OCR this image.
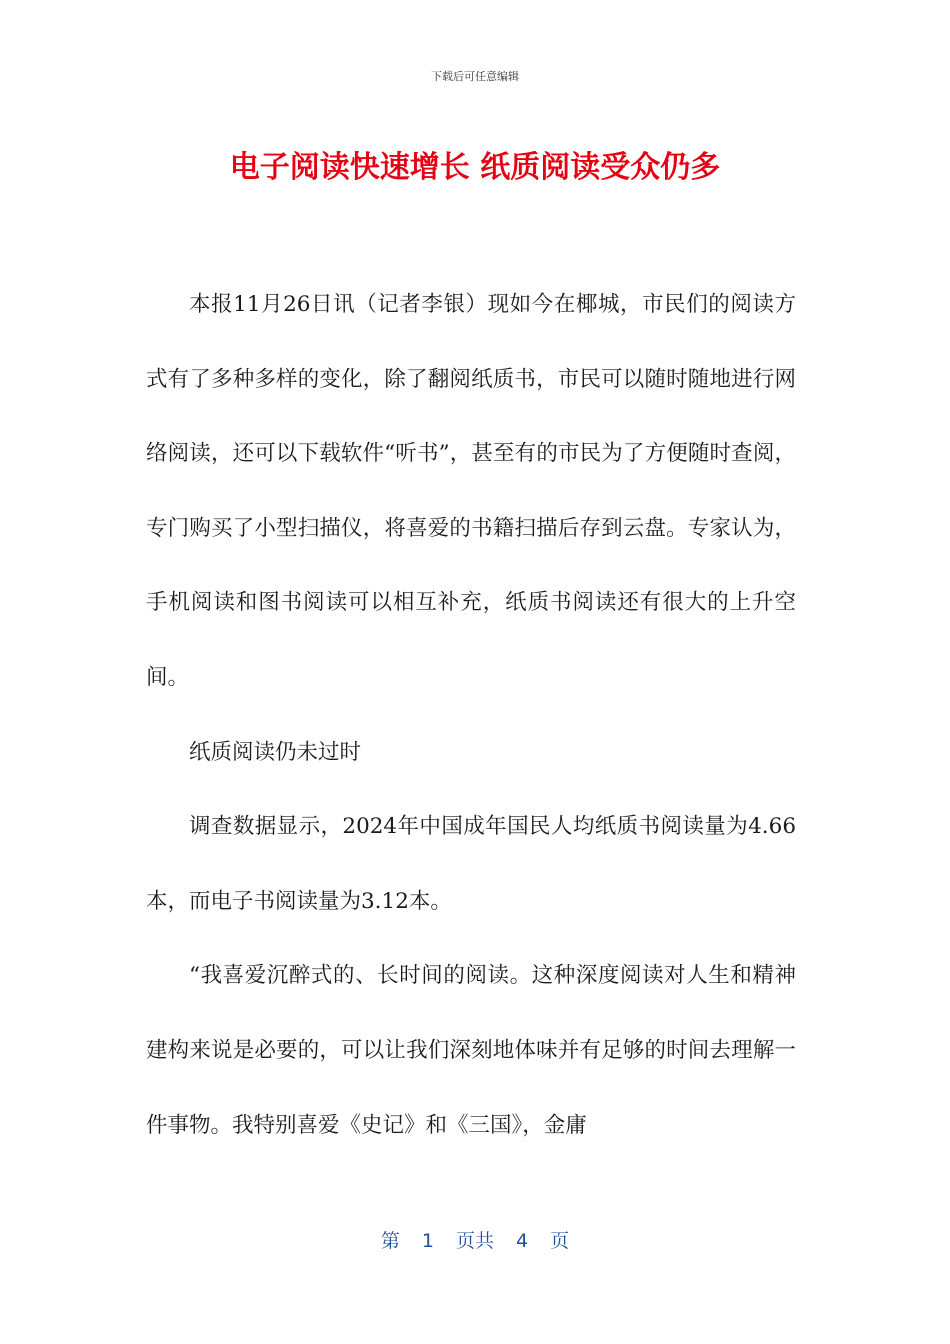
下载后可任意编辑
电子阅读快速增长 纸质阅读受众仍多

本报11月26日讯（记者李银）现如今在椰城，市民们的阅读方式有了多种多样的变化，除了翻阅纸质书，市民可以随时随地进行网络阅读，还可以下载软件“听书”，甚至有的市民为了方便随时查阅，专门购买了小型扫描仪，将喜爱的书籍扫描后存到云盘。专家认为，手机阅读和图书阅读可以相互补充，纸质书阅读还有很大的上升空间。

纸质阅读仍未过时

调查数据显示，2024年中国成年国民人均纸质书阅读量为4.66本，而电子书阅读量为3.12本。

“我喜爱沉醉式的、长时间的阅读。这种深度阅读对人生和精神建构来说是必要的，可以让我们深刻地体味并有足够的时间去理解一件事物。我特别喜爱《史记》和《三国》，金庸

第 1 页共 4 页
